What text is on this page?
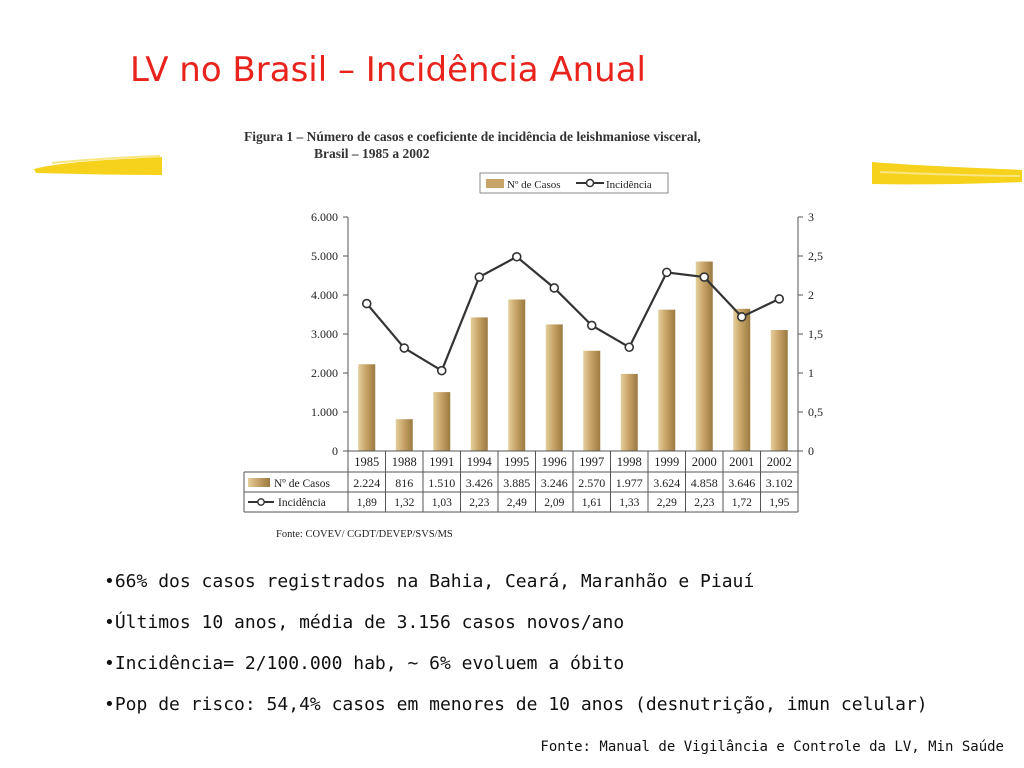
LV no Brasil – Incidência Anual
Figura 1 – Número de casos e coeficiente de incidência de leishmaniose visceral,
Brasil – 1985 a 2002
Nº de Casos	Incidência
0
1.000
2.000
3.000
4.000
5.000
6.000
0
0,5
1
1,5
2
2,5
3
1985
2.224
1,89
1988
816
1,32
1991
1.510
1,03
1994
3.426
2,23
1995
3.885
2,49
1996
3.246
2,09
1997
2.570
1,61
1998
1.977
1,33
1999
3.624
2,29
2000
4.858
2,23
2001
3.646
1,72
2002
3.102
1,95
Nº de Casos
Incidência
Fonte: COVEV/ CGDT/DEVEP/SVS/MS
• 66% dos casos registrados na Bahia, Ceará, Maranhão e Piauí
• Últimos 10 anos, média de 3.156 casos novos/ano
• Incidência= 2/100.000 hab, ~ 6% evoluem a óbito
• Pop de risco: 54,4% casos em menores de 10 anos (desnutrição, imun celular)
Fonte: Manual de Vigilância e Controle da LV, Min Saúde
